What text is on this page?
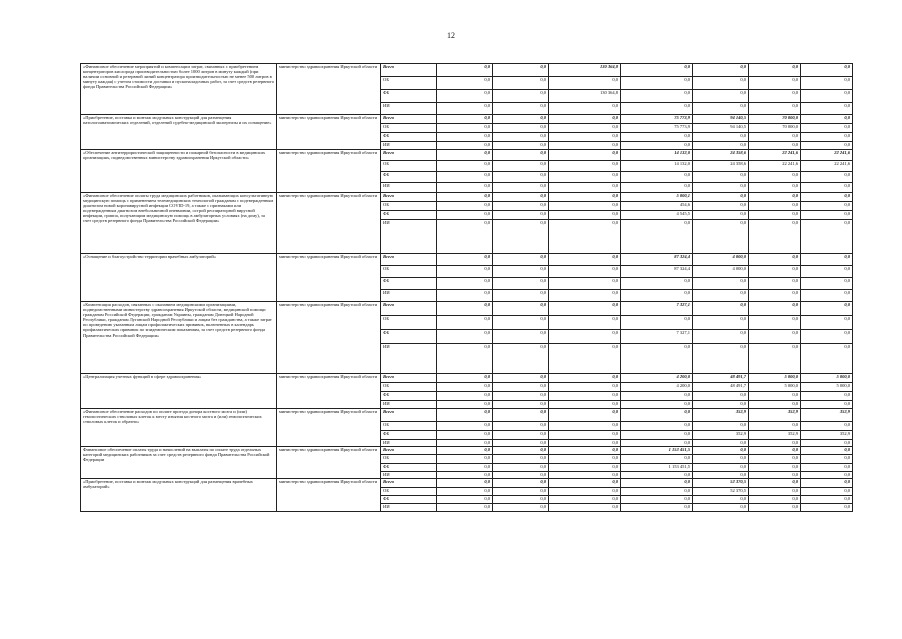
12
«Финансовое обеспечение мероприятий и компенсации затрат, связанных с приобретением концентраторов кислорода производительностью более 1000 литров в минуту каждый (при наличии основной и резервной линий концентратора производительностью не менее 500 литров в минуту каждая) с учетом стоимости доставки и пусконаладочных работ, за счет средств резервного фонда Правительства Российской Федерации»	министерство здравоохранения Иркутской области	Всего	0,0	0,0	130 364,8	0,0	0,0	0,0	0,0
		ОБ	0,0	0,0	0,0	0,0	0,0	0,0	0,0
		ФБ	0,0	0,0	130 364,8	0,0	0,0	0,0	0,0
		ИИ	0,0	0,0	0,0	0,0	0,0	0,0	0,0
«Приобретение, поставка и монтаж модульных конструкций для размещения патологоанатомических отделений, отделений судебно-медицинской экспертизы и их оснащение»	министерство здравоохранения Иркутской области	Всего	0,0	0,0	0,0	75 773,9	94 140,5	70 000,0	0,0
		ОБ	0,0	0,0	0,0	75 773,9	94 140,5	70 000,0	0,0
		ФБ	0,0	0,0	0,0	0,0	0,0	0,0	0,0
		ИИ	0,0	0,0	0,0	0,0	0,0	0,0	0,0
«Обеспечение антитеррористической защищенности и пожарной безопасности в медицинских организациях, подведомственных министерству здравоохранения Иркутской области»	министерство здравоохранения Иркутской области	Всего	0,0	0,0	0,0	14 132,0	24 358,6	22 241,6	22 241,6
		ОБ	0,0	0,0	0,0	14 132,0	24 358,6	22 241,6	22 241,6
		ФБ	0,0	0,0	0,0	0,0	0,0	0,0	0,0
		ИИ	0,0	0,0	0,0	0,0	0,0	0,0	0,0
«Финансовое обеспечение оплаты труда медицинских работников, оказывающих консультативную медицинскую помощь с применением телемедицинских технологий гражданам с подтвержденным диагнозом новой коронавирусной инфекции COVID-19, а также с признаками или подтвержденным диагнозом внебольничной пневмонии, острой респираторной вирусной инфекции, гриппа, получающим медицинскую помощь в амбулаторных условиях (на дому), за счет средств резервного фонда Правительства Российской Федерации»	министерство здравоохранения Иркутской области	Всего	0,0	0,0	0,0	5 000,1	0,0	0,0	0,0
		ОБ	0,0	0,0	0,0	454,6	0,0	0,0	0,0
		ФБ	0,0	0,0	0,0	4 545,5	0,0	0,0	0,0
		ИИ	0,0	0,0	0,0	0,0	0,0	0,0	0,0
«Оснащение и благоустройство территории врачебных амбулаторий»	министерство здравоохранения Иркутской области	Всего	0,0	0,0	0,0	87 324,4	4 000,0	0,0	0,0
		ОБ	0,0	0,0	0,0	87 324,4	4 000,0	0,0	0,0
		ФБ	0,0	0,0	0,0	0,0	0,0	0,0	0,0
		ИИ	0,0	0,0	0,0	0,0	0,0	0,0	0,0
«Компенсация расходов, связанных с оказанием медицинскими организациями, подведомственными министерству здравоохранения Иркутской области, медицинской помощи гражданам Российской Федерации, гражданам Украины, гражданам Донецкой Народной Республики, гражданам Луганской Народной Республики и лицам без гражданства, а также затрат по проведению указанным лицам профилактических прививок, включенных в календарь профилактических прививок по эпидемическим показаниям, за счет средств резервного фонда Правительства Российской Федерации»	министерство здравоохранения Иркутской области	Всего	0,0	0,0	0,0	7 327,1	0,0	0,0	0,0
		ОБ	0,0	0,0	0,0	0,0	0,0	0,0	0,0
		ФБ	0,0	0,0	0,0	7 327,1	0,0	0,0	0,0
		ИИ	0,0	0,0	0,0	0,0	0,0	0,0	0,0
«Централизация учетных функций в сфере здравоохранения»	министерство здравоохранения Иркутской области	Всего	0,0	0,0	0,0	4 200,0	48 491,7	5 000,0	5 000,0
		ОБ	0,0	0,0	0,0	4 200,0	48 491,7	5 000,0	5 000,0
		ФБ	0,0	0,0	0,0	0,0	0,0	0,0	0,0
		ИИ	0,0	0,0	0,0	0,0	0,0	0,0	0,0
«Финансовое обеспечение расходов по оплате проезда донора костного мозга и (или) гемопоэтических стволовых клеток к месту изъятия костного мозга и (или) гемопоэтических стволовых клеток и обратно»	министерство здравоохранения Иркутской области	Всего	0,0	0,0	0,0	0,0	352,9	352,9	352,9
		ОБ	0,0	0,0	0,0	0,0	0,0	0,0	0,0
		ФБ	0,0	0,0	0,0	0,0	352,9	352,9	352,9
		ИИ	0,0	0,0	0,0	0,0	0,0	0,0	0,0
Финансовое обеспечение оплаты труда и начислений на выплаты по оплате труда отдельных категорий медицинских работников за счет средств резервного фонда Правительства Российской Федерации	министерство здравоохранения Иркутской области	Всего	0,0	0,0	0,0	1 153 451,5	0,0	0,0	0,0
		ОБ	0,0	0,0	0,0	0,0	0,0	0,0	0,0
		ФБ	0,0	0,0	0,0	1 153 451,5	0,0	0,0	0,0
		ИИ	0,0	0,0	0,0	0,0	0,0	0,0	0,0
«Приобретение, поставка и монтаж модульных конструкций для размещения врачебных амбулаторий»	министерство здравоохранения Иркутской области	Всего	0,0	0,0	0,0	0,0	52 370,5	0,0	0,0
		ОБ	0,0	0,0	0,0	0,0	52 370,5	0,0	0,0
		ФБ	0,0	0,0	0,0	0,0	0,0	0,0	0,0
		ИИ	0,0	0,0	0,0	0,0	0,0	0,0	0,0
